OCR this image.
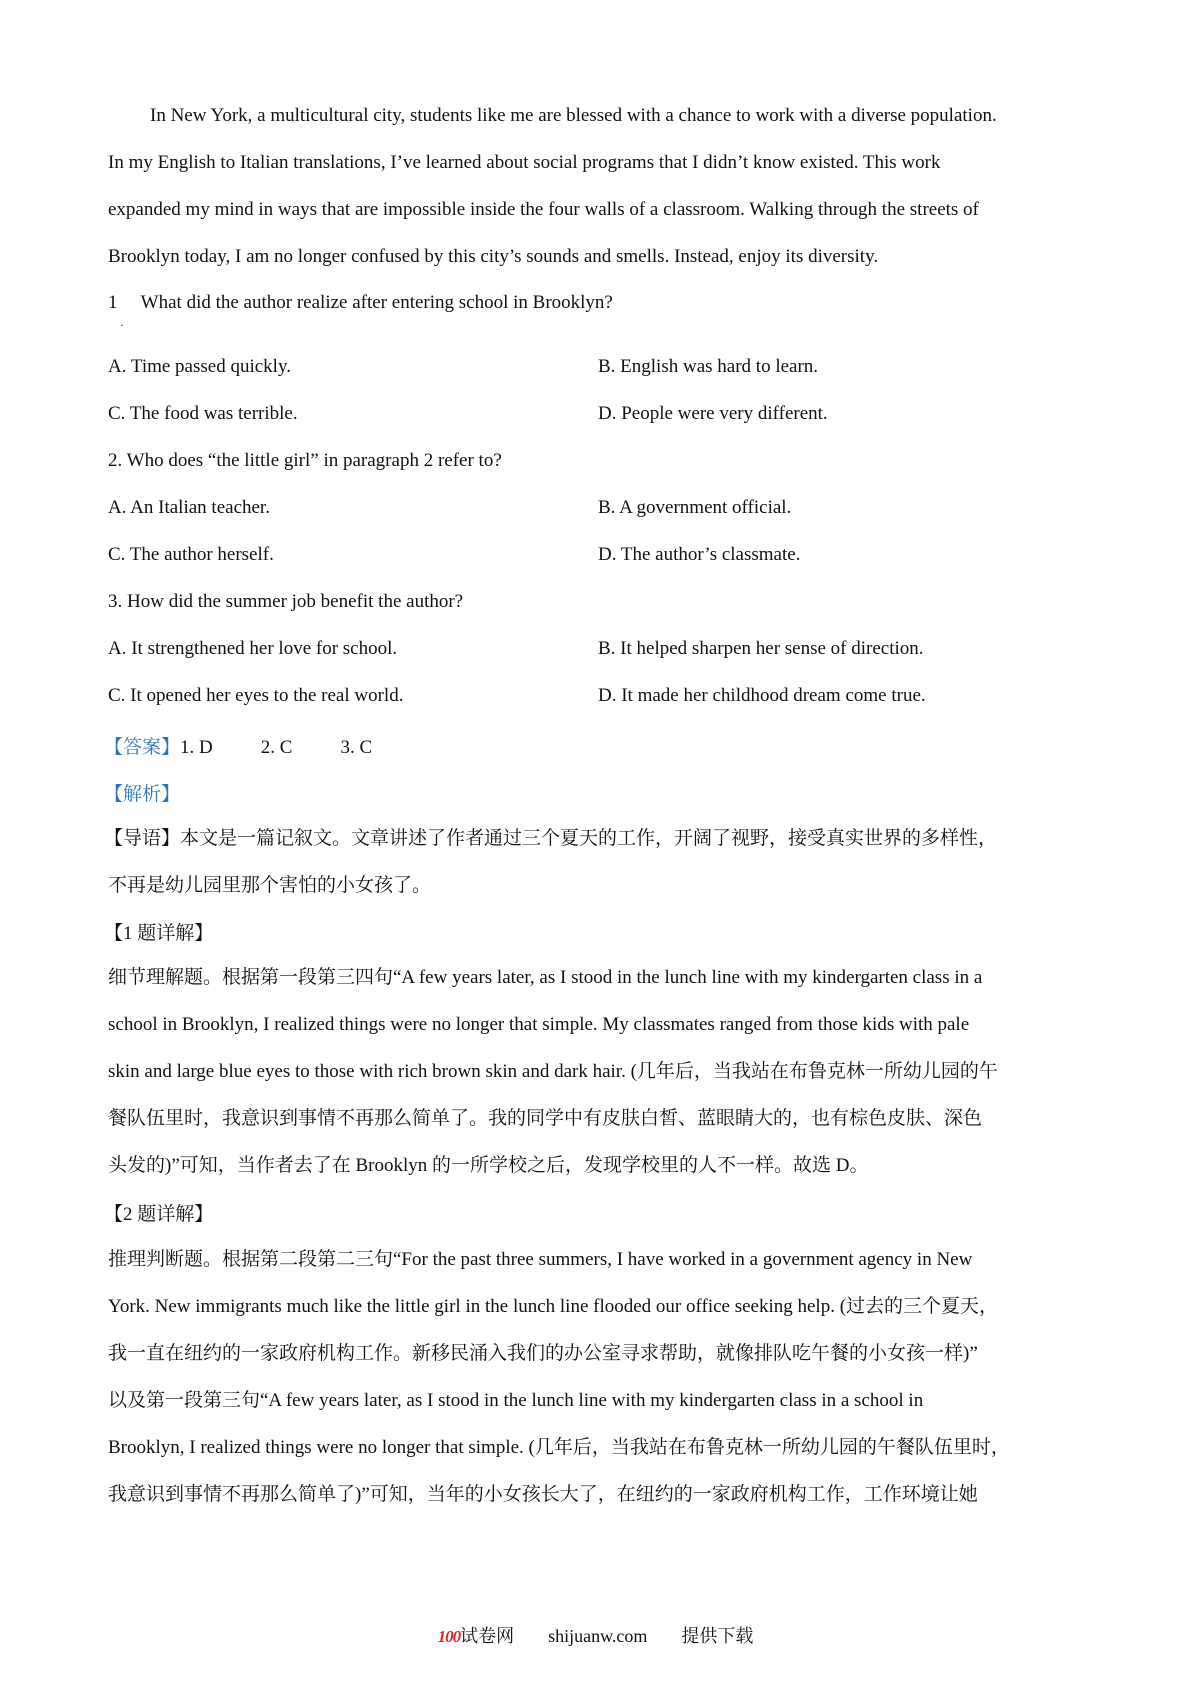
In New York, a multicultural city, students like me are blessed with a chance to work with a diverse population.
In my English to Italian translations, I’ve learned about social programs that I didn’t know existed. This work
expanded my mind in ways that are impossible inside the four walls of a classroom. Walking through the streets of
Brooklyn today, I am no longer confused by this city’s sounds and smells. Instead, enjoy its diversity.
1 What did the author realize after entering school in Brooklyn?
·
A. Time passed quickly.	B. English was hard to learn.
C. The food was terrible.	D. People were very different.
2. Who does “the little girl” in paragraph 2 refer to?
A. An Italian teacher.	B. A government official.
C. The author herself.	D. The author’s classmate.
3. How did the summer job benefit the author?
A. It strengthened her love for school.	B. It helped sharpen her sense of direction.
C. It opened her eyes to the real world.	D. It made her childhood dream come true.
【答案】1. D	2. C	3. C
【解析】
【导语】本文是一篇记叙文。文章讲述了作者通过三个夏天的工作，开阔了视野，接受真实世界的多样性，
不再是幼儿园里那个害怕的小女孩了。
【1 题详解】
细节理解题。根据第一段第三四句“A few years later, as I stood in the lunch line with my kindergarten class in a
school in Brooklyn, I realized things were no longer that simple. My classmates ranged from those kids with pale
skin and large blue eyes to those with rich brown skin and dark hair. (几年后，当我站在布鲁克林一所幼儿园的午
餐队伍里时，我意识到事情不再那么简单了。我的同学中有皮肤白皙、蓝眼睛大的，也有棕色皮肤、深色
头发的)”可知，当作者去了在 Brooklyn 的一所学校之后，发现学校里的人不一样。故选 D。
【2 题详解】
推理判断题。根据第二段第二三句“For the past three summers, I have worked in a government agency in New
York. New immigrants much like the little girl in the lunch line flooded our office seeking help. (过去的三个夏天，
我一直在纽约的一家政府机构工作。新移民涌入我们的办公室寻求帮助，就像排队吃午餐的小女孩一样)”
以及第一段第三句“A few years later, as I stood in the lunch line with my kindergarten class in a school in
Brooklyn, I realized things were no longer that simple. (几年后，当我站在布鲁克林一所幼儿园的午餐队伍里时，
我意识到事情不再那么简单了)”可知，当年的小女孩长大了，在纽约的一家政府机构工作，工作环境让她
100试卷网 shijuanw.com 提供下载
